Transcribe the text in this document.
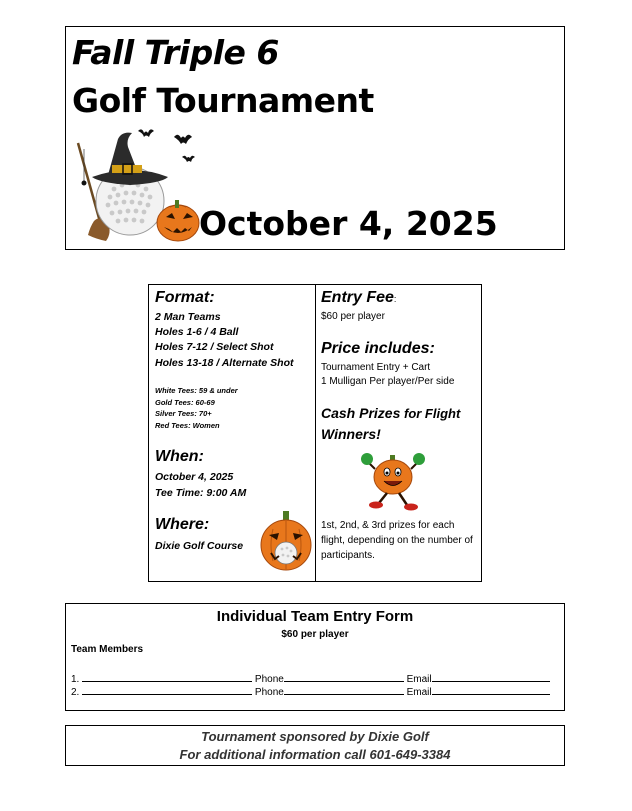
Fall Triple 6
Golf Tournament
October 4, 2025
Format:
2 Man Teams
Holes 1-6 / 4 Ball
Holes 7-12 / Select Shot
Holes 13-18 / Alternate Shot
White Tees: 59 & under
Gold Tees: 60-69
Silver Tees: 70+
Red Tees: Women
When:
October 4, 2025
Tee Time: 9:00 AM
Where:
Dixie Golf Course
Entry Fee:
$60 per player
Price includes:
Tournament Entry + Cart
1 Mulligan Per player/Per side
Cash Prizes for Flight
Winners!
1st, 2nd, & 3rd prizes for each flight, depending on the number of participants.
Individual Team Entry Form
$60 per player
Team Members
1.	Phone	Email
2.	Phone	Email
Tournament sponsored by Dixie Golf
For additional information call 601-649-3384
